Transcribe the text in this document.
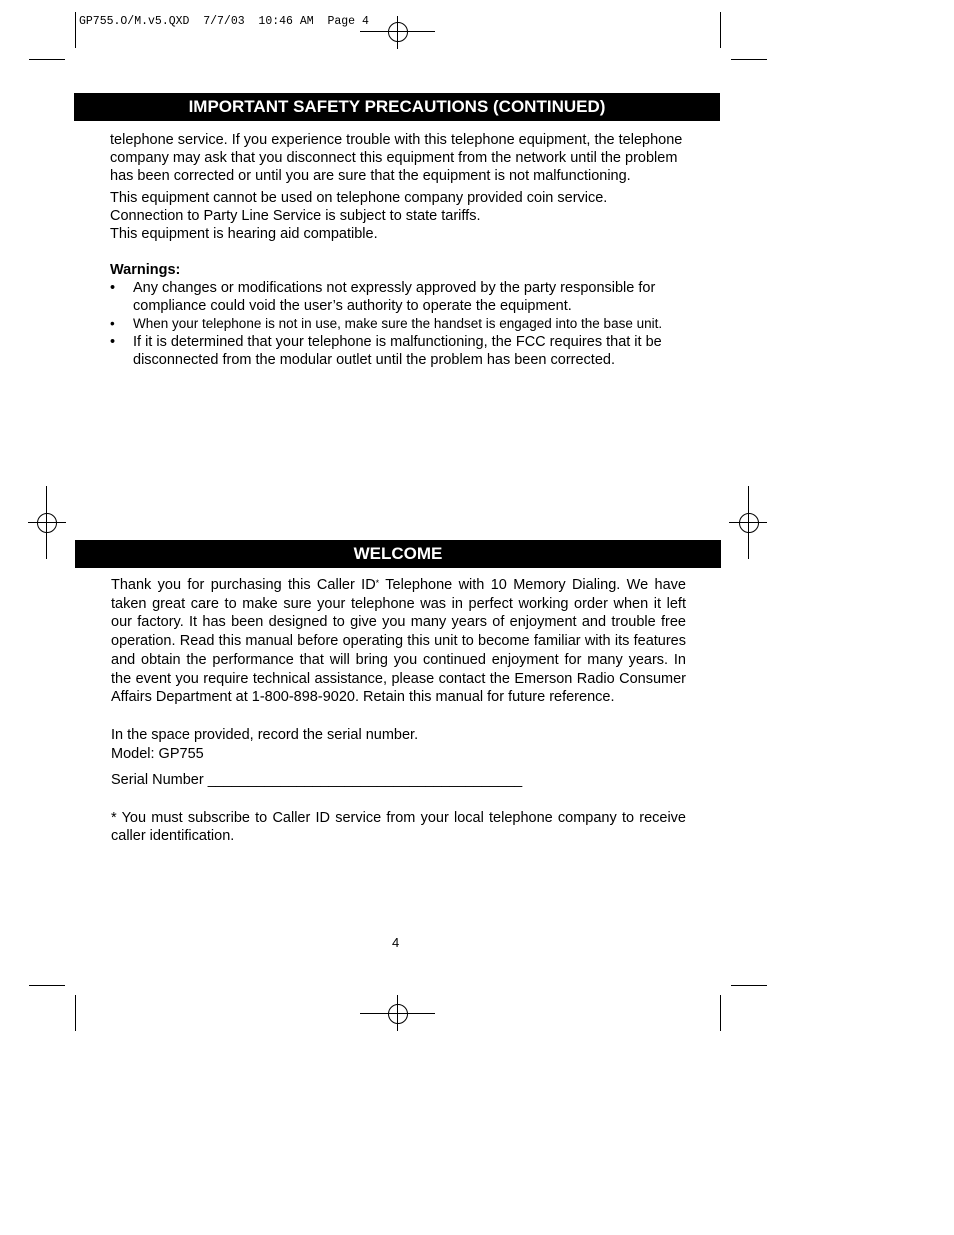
GP755.O/M.v5.QXD  7/7/03  10:46 AM  Page 4
IMPORTANT SAFETY PRECAUTIONS (CONTINUED)

telephone service. If you experience trouble with this telephone equipment, the telephone company may ask that you disconnect this equipment from the network until the problem has been corrected or until you are sure that the equipment is not malfunctioning.

This equipment cannot be used on telephone company provided coin service.

Connection to Party Line Service is subject to state tariffs.

This equipment is hearing aid compatible.

Warnings:

•	Any changes or modifications not expressly approved by the party responsible for compliance could void the user’s authority to operate the equipment.
•	When your telephone is not in use, make sure the handset is engaged into the base unit.
•	If it is determined that your telephone is malfunctioning, the FCC requires that it be disconnected from the modular outlet until the problem has been corrected.
WELCOME

Thank you for purchasing this Caller ID* Telephone with 10 Memory Dialing. We have taken great care to make sure your telephone was in perfect working order when it left our factory. It has been designed to give you many years of enjoyment and trouble free operation. Read this manual before operating this unit to become familiar with its features and obtain the performance that will bring you continued enjoyment for many years. In the event you require technical assistance, please contact the Emerson Radio Consumer Affairs Department at 1-800-898-9020. Retain this manual for future reference.

In the space provided, record the serial number.

Model: GP755

Serial Number _______________________________________

* You must subscribe to Caller ID service from your local telephone company to receive caller identification.

4
